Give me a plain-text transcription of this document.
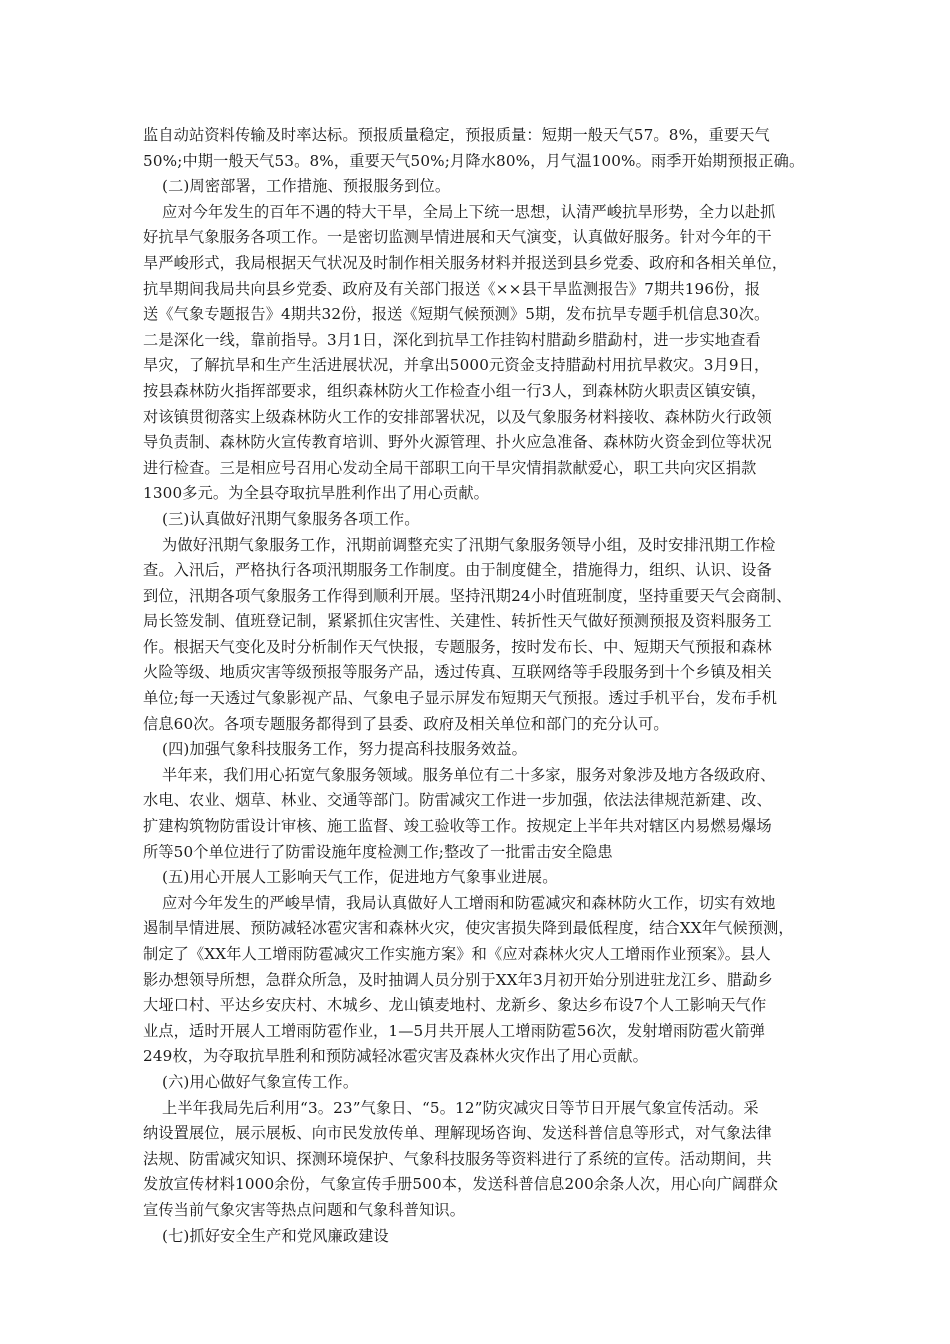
监自动站资料传输及时率达标。预报质量稳定，预报质量：短期一般天气57。8%，重要天气
50%;中期一般天气53。8%，重要天气50%;月降水80%，月气温100%。雨季开始期预报正确。
(二)周密部署，工作措施、预报服务到位。
应对今年发生的百年不遇的特大干旱，全局上下统一思想，认清严峻抗旱形势，全力以赴抓
好抗旱气象服务各项工作。一是密切监测旱情进展和天气演变，认真做好服务。针对今年的干
旱严峻形式，我局根据天气状况及时制作相关服务材料并报送到县乡党委、政府和各相关单位，
抗旱期间我局共向县乡党委、政府及有关部门报送《××县干旱监测报告》7期共196份，报
送《气象专题报告》4期共32份，报送《短期气候预测》5期，发布抗旱专题手机信息30次。
二是深化一线，靠前指导。3月1日，深化到抗旱工作挂钩村腊勐乡腊勐村，进一步实地查看
旱灾，了解抗旱和生产生活进展状况，并拿出5000元资金支持腊勐村用抗旱救灾。3月9日，
按县森林防火指挥部要求，组织森林防火工作检查小组一行3人，到森林防火职责区镇安镇，
对该镇贯彻落实上级森林防火工作的安排部署状况，以及气象服务材料接收、森林防火行政领
导负责制、森林防火宣传教育培训、野外火源管理、扑火应急准备、森林防火资金到位等状况
进行检查。三是相应号召用心发动全局干部职工向干旱灾情捐款献爱心，职工共向灾区捐款
1300多元。为全县夺取抗旱胜利作出了用心贡献。
(三)认真做好汛期气象服务各项工作。
为做好汛期气象服务工作，汛期前调整充实了汛期气象服务领导小组，及时安排汛期工作检
查。入汛后，严格执行各项汛期服务工作制度。由于制度健全，措施得力，组织、认识、设备
到位，汛期各项气象服务工作得到顺利开展。坚持汛期24小时值班制度，坚持重要天气会商制、
局长签发制、值班登记制，紧紧抓住灾害性、关建性、转折性天气做好预测预报及资料服务工
作。根据天气变化及时分析制作天气快报，专题服务，按时发布长、中、短期天气预报和森林
火险等级、地质灾害等级预报等服务产品，透过传真、互联网络等手段服务到十个乡镇及相关
单位;每一天透过气象影视产品、气象电子显示屏发布短期天气预报。透过手机平台，发布手机
信息60次。各项专题服务都得到了县委、政府及相关单位和部门的充分认可。
(四)加强气象科技服务工作，努力提高科技服务效益。
半年来，我们用心拓宽气象服务领域。服务单位有二十多家，服务对象涉及地方各级政府、
水电、农业、烟草、林业、交通等部门。防雷减灾工作进一步加强，依法法律规范新建、改、
扩建构筑物防雷设计审核、施工监督、竣工验收等工作。按规定上半年共对辖区内易燃易爆场
所等50个单位进行了防雷设施年度检测工作;整改了一批雷击安全隐患
(五)用心开展人工影响天气工作，促进地方气象事业进展。
应对今年发生的严峻旱情，我局认真做好人工增雨和防雹减灾和森林防火工作，切实有效地
遏制旱情进展、预防减轻冰雹灾害和森林火灾，使灾害损失降到最低程度，结合XX年气候预测，
制定了《XX年人工增雨防雹减灾工作实施方案》和《应对森林火灾人工增雨作业预案》。县人
影办想领导所想，急群众所急，及时抽调人员分别于XX年3月初开始分别进驻龙江乡、腊勐乡
大垭口村、平达乡安庆村、木城乡、龙山镇麦地村、龙新乡、象达乡布设7个人工影响天气作
业点，适时开展人工增雨防雹作业，1—5月共开展人工增雨防雹56次，发射增雨防雹火箭弹
249枚，为夺取抗旱胜利和预防减轻冰雹灾害及森林火灾作出了用心贡献。
(六)用心做好气象宣传工作。
上半年我局先后利用“3。23”气象日、“5。12”防灾减灾日等节日开展气象宣传活动。采
纳设置展位，展示展板、向市民发放传单、理解现场咨询、发送科普信息等形式，对气象法律
法规、防雷减灾知识、探测环境保护、气象科技服务等资料进行了系统的宣传。活动期间，共
发放宣传材料1000余份，气象宣传手册500本，发送科普信息200余条人次，用心向广阔群众
宣传当前气象灾害等热点问题和气象科普知识。
(七)抓好安全生产和党风廉政建设
